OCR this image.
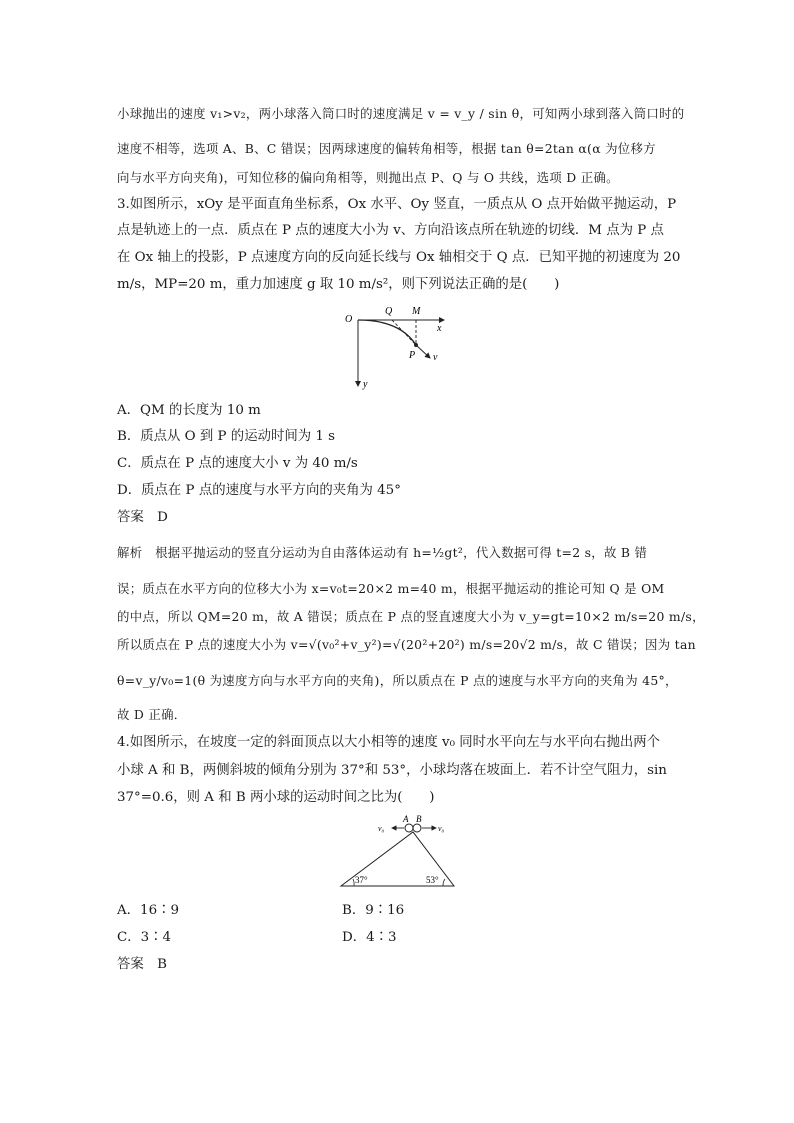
小球抛出的速度 v₁>v₂，两小球落入筒口时的速度满足 v = v_y / sin θ，可知两小球到落入筒口时的
速度不相等，选项 A、B、C 错误；因两球速度的偏转角相等，根据 tan θ=2tan α(α 为位移方
向与水平方向夹角)，可知位移的偏向角相等，则抛出点 P、Q 与 O 共线，选项 D 正确。
3.如图所示，xOy 是平面直角坐标系，Ox 水平、Oy 竖直，一质点从 O 点开始做平抛运动，P
点是轨迹上的一点．质点在 P 点的速度大小为 v、方向沿该点所在轨迹的切线．M 点为 P 点
在 Ox 轴上的投影，P 点速度方向的反向延长线与 Ox 轴相交于 Q 点．已知平抛的初速度为 20
m/s，MP=20 m，重力加速度 g 取 10 m/s²，则下列说法正确的是(　　)
O
Q M
x
P v
y
A．QM 的长度为 10 m
B．质点从 O 到 P 的运动时间为 1 s
C．质点在 P 点的速度大小 v 为 40 m/s
D．质点在 P 点的速度与水平方向的夹角为 45°
答案　D
解析　根据平抛运动的竖直分运动为自由落体运动有 h=½gt²，代入数据可得 t=2 s，故 B 错
误；质点在水平方向的位移大小为 x=v₀t=20×2 m=40 m，根据平抛运动的推论可知 Q 是 OM
的中点，所以 QM=20 m，故 A 错误；质点在 P 点的竖直速度大小为 v_y=gt=10×2 m/s=20 m/s，
所以质点在 P 点的速度大小为 v=√(v₀²+v_y²)=√(20²+20²) m/s=20√2 m/s，故 C 错误；因为 tan
θ=v_y/v₀=1(θ 为速度方向与水平方向的夹角)，所以质点在 P 点的速度与水平方向的夹角为 45°，
故 D 正确．
4.如图所示，在坡度一定的斜面顶点以大小相等的速度 v₀ 同时水平向左与水平向右抛出两个
小球 A 和 B，两侧斜坡的倾角分别为 37°和 53°，小球均落在坡面上．若不计空气阻力，sin
37°=0.6，则 A 和 B 两小球的运动时间之比为(　　)
v₀	v₀
A B
37°	53°
A．16∶9	B．9∶16
C．3∶4	D．4∶3
答案　B
